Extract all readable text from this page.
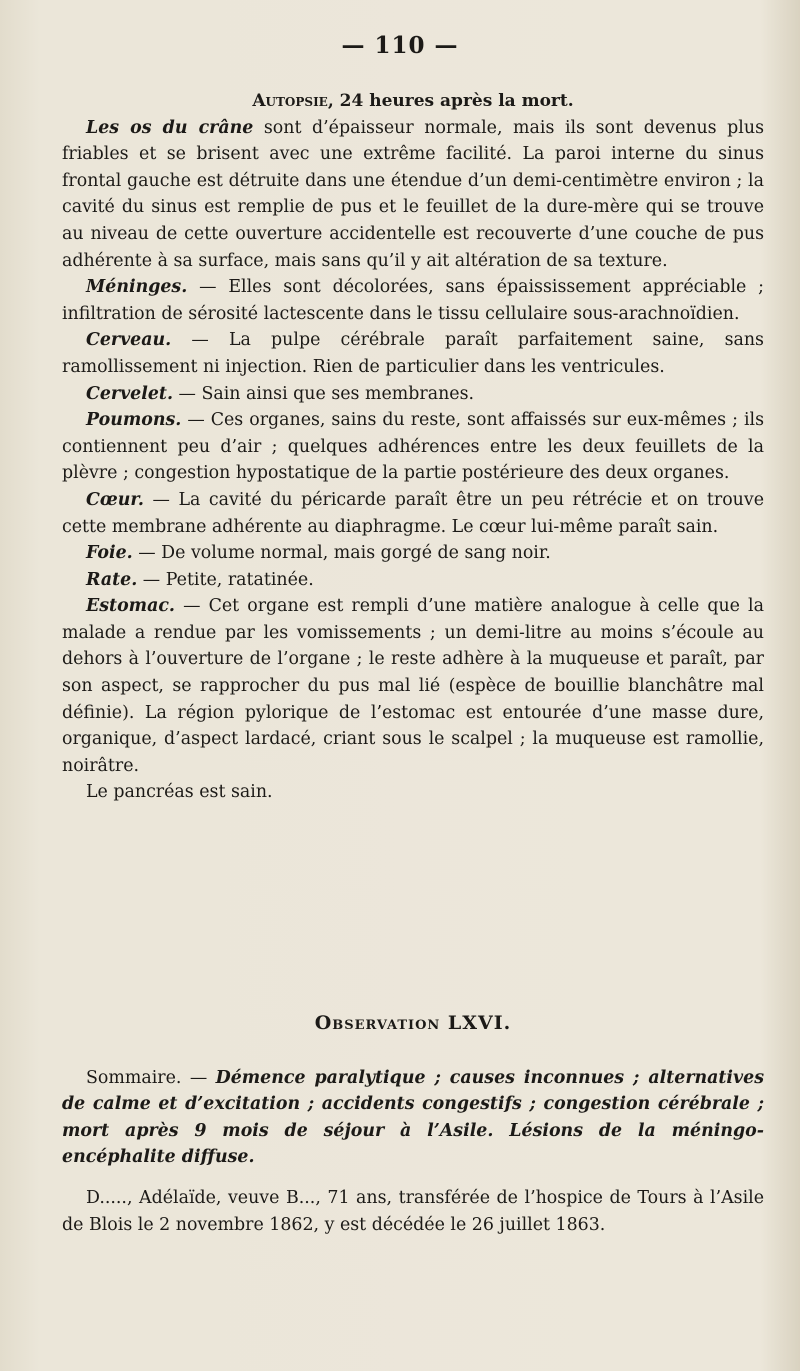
— 110 —
Autopsie, 24 heures après la mort.

Les os du crâne sont d’épaisseur normale, mais ils sont devenus plus friables et se brisent avec une extrême facilité. La paroi interne du sinus frontal gauche est détruite dans une étendue d’un demi-centimètre environ ; la cavité du sinus est remplie de pus et le feuillet de la dure-mère qui se trouve au niveau de cette ouverture accidentelle est recouverte d’une couche de pus adhérente à sa surface, mais sans qu’il y ait altération de sa texture.

Méninges. — Elles sont décolorées, sans épaississement appréciable ; infiltration de sérosité lactescente dans le tissu cellulaire sous-arachnoïdien.

Cerveau. — La pulpe cérébrale paraît parfaitement saine, sans ramollissement ni injection. Rien de particulier dans les ventricules.

Cervelet. — Sain ainsi que ses membranes.

Poumons. — Ces organes, sains du reste, sont affaissés sur eux-mêmes ; ils contiennent peu d’air ; quelques adhérences entre les deux feuillets de la plèvre ; congestion hypostatique de la partie postérieure des deux organes.

Cœur. — La cavité du péricarde paraît être un peu rétrécie et on trouve cette membrane adhérente au diaphragme. Le cœur lui-même paraît sain.

Foie. — De volume normal, mais gorgé de sang noir.

Rate. — Petite, ratatinée.

Estomac. — Cet organe est rempli d’une matière analogue à celle que la malade a rendue par les vomissements ; un demi-litre au moins s’écoule au dehors à l’ouverture de l’organe ; le reste adhère à la muqueuse et paraît, par son aspect, se rapprocher du pus mal lié (espèce de bouillie blanchâtre mal définie). La région pylorique de l’estomac est entourée d’une masse dure, organique, d’aspect lardacé, criant sous le scalpel ; la muqueuse est ramollie, noirâtre.

Le pancréas est sain.

Observation LXVI.

Sommaire. — Démence paralytique ; causes inconnues ; alternatives de calme et d’excitation ; accidents congestifs ; congestion cérébrale ; mort après 9 mois de séjour à l’Asile. Lésions de la méningo-encéphalite diffuse.

D....., Adélaïde, veuve B..., 71 ans, transférée de l’hospice de Tours à l’Asile de Blois le 2 novembre 1862, y est décédée le 26 juillet 1863.
